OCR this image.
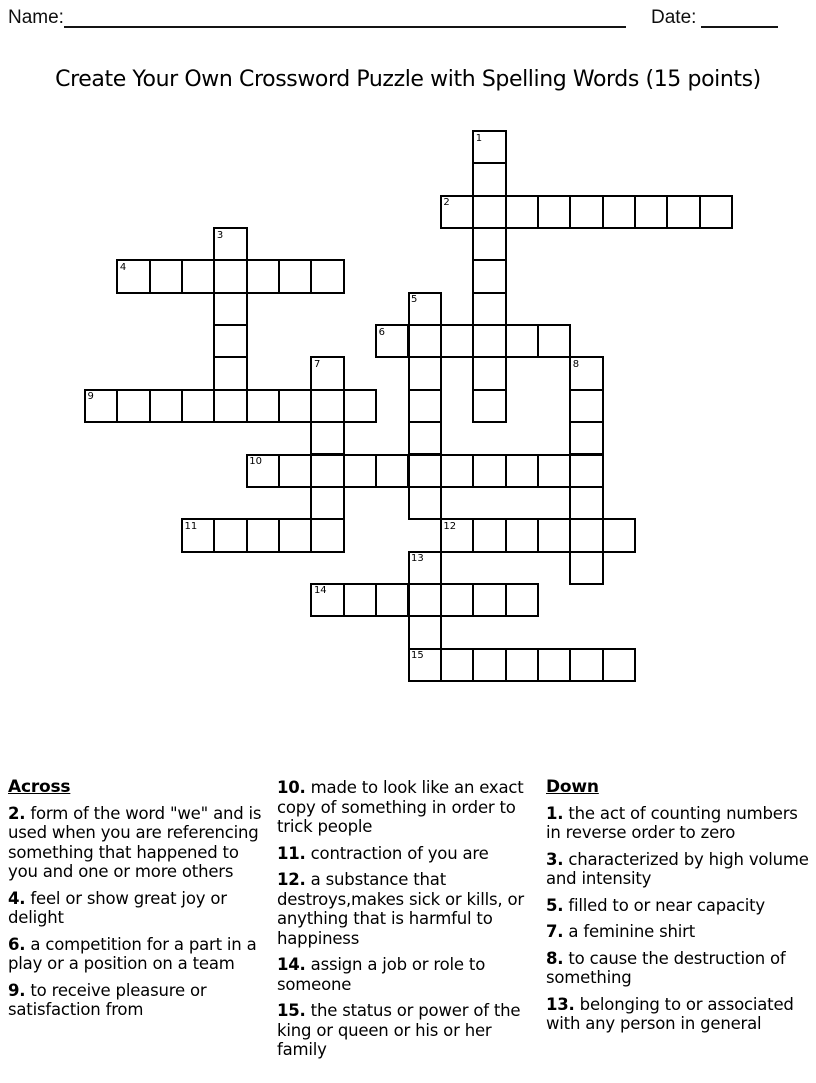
Name:	Date:
Create Your Own Crossword Puzzle with Spelling Words (15 points)
1
2
3
4
5
6
7	8
9
10
11	12
13
14
15
Across

2. form of the word "we" and is used when you are referencing something that happened to you and one or more others

4. feel or show great joy or delight

6. a competition for a part in a play or a position on a team

9. to receive pleasure or satisfaction from

10. made to look like an exact copy of something in order to trick people

11. contraction of you are

12. a substance that destroys,makes sick or kills, or anything that is harmful to happiness

14. assign a job or role to someone

15. the status or power of the king or queen or his or her family

Down

1. the act of counting numbers in reverse order to zero

3. characterized by high volume and intensity

5. filled to or near capacity

7. a feminine shirt

8. to cause the destruction of something

13. belonging to or associated with any person in general
